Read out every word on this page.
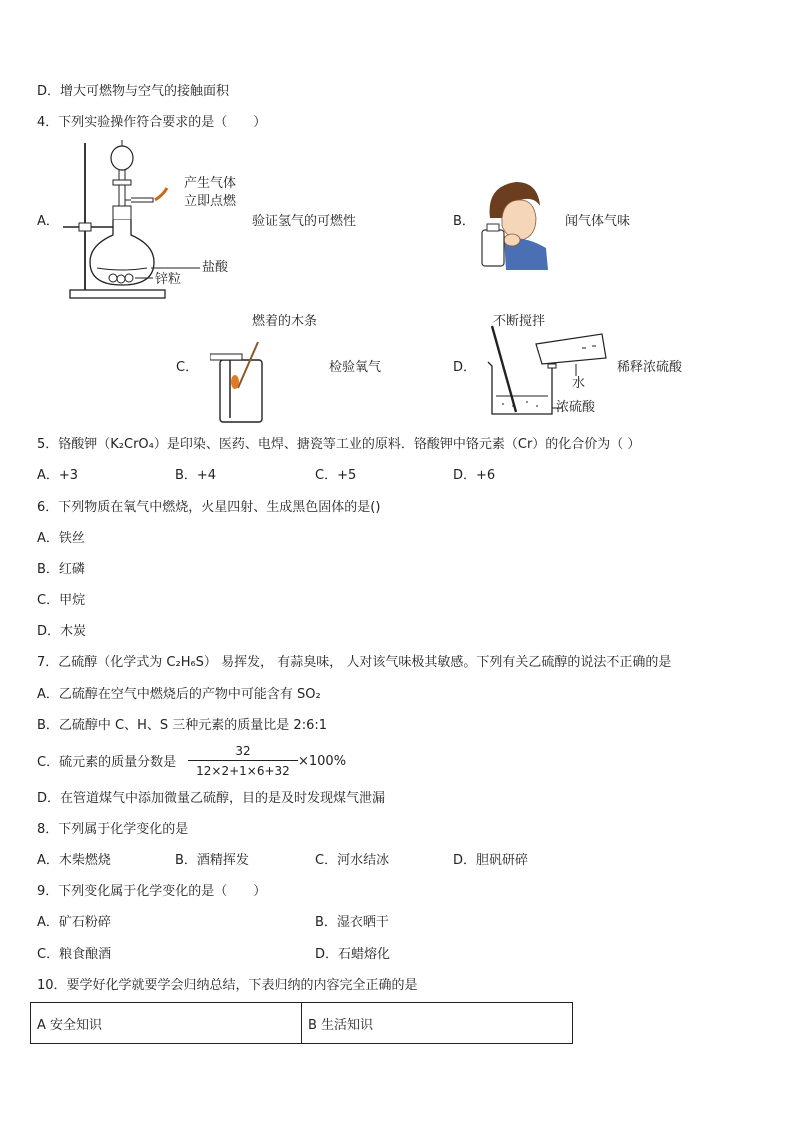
D．增大可燃物与空气的接触面积
4．下列实验操作符合要求的是（　　）
A．
产生气体
立即点燃
盐酸
锌粒
验证氢气的可燃性	B．	闻气体气味
燃着的木条
C．	检验氧气
不断搅拌
D．
水
浓硫酸
稀释浓硫酸
5．铬酸钾（K₂CrO₄）是印染、医药、电焊、搪瓷等工业的原料．铬酸钾中铬元素（Cr）的化合价为（ ）
A．+3	B．+4	C．+5	D．+6
6．下列物质在氧气中燃烧，火星四射、生成黑色固体的是()
A．铁丝
B．红磷
C．甲烷
D．木炭
7．乙硫醇（化学式为 C₂H₆S） 易挥发， 有蒜臭味， 人对该气味极其敏感。下列有关乙硫醇的说法不正确的是
A．乙硫醇在空气中燃烧后的产物中可能含有 SO₂
B．乙硫醇中 C、H、S 三种元素的质量比是 2:6:1
C．硫元素的质量分数是
32
12×2+1×6+32
×100%
D．在管道煤气中添加微量乙硫醇，目的是及时发现煤气泄漏
8．下列属于化学变化的是
A．木柴燃烧	B．酒精挥发	C．河水结冰	D．胆矾研碎
9．下列变化属于化学变化的是（　　）
A．矿石粉碎	B．湿衣晒干
C．粮食酿酒	D．石蜡熔化
10．要学好化学就要学会归纳总结，下表归纳的内容完全正确的是
A 安全知识	B 生活知识
